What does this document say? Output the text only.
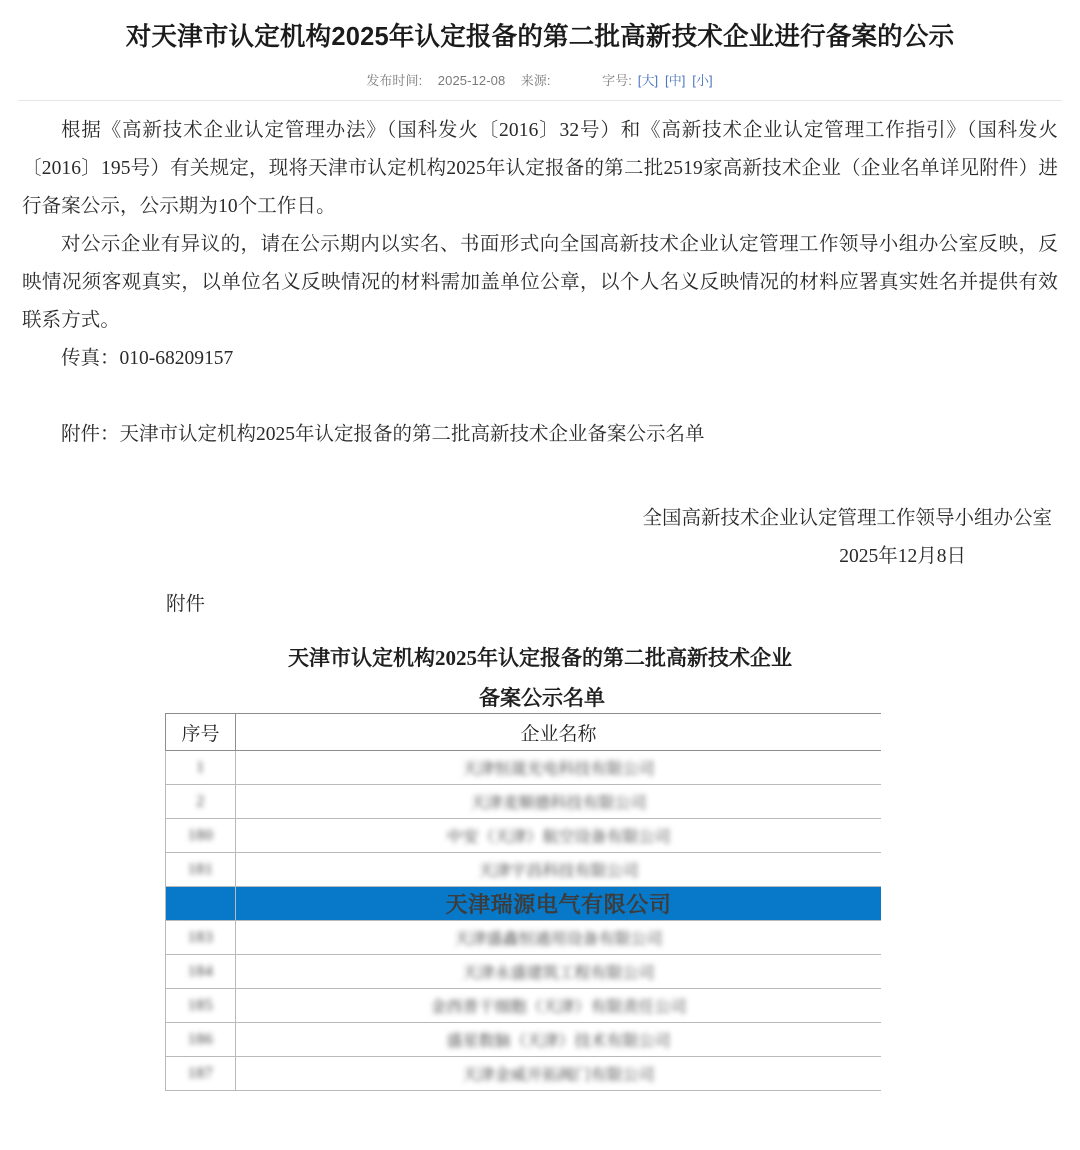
对天津市认定机构2025年认定报备的第二批高新技术企业进行备案的公示
发布时间: 2025-12-08 来源:	字号: [大] [中] [小]

根据《高新技术企业认定管理办法》（国科发火〔2016〕32号）和《高新技术企业认定管理工作指引》（国科发火〔2016〕195号）有关规定，现将天津市认定机构2025年认定报备的第二批2519家高新技术企业（企业名单详见附件）进行备案公示，公示期为10个工作日。

对公示企业有异议的，请在公示期内以实名、书面形式向全国高新技术企业认定管理工作领导小组办公室反映，反映情况须客观真实，以单位名义反映情况的材料需加盖单位公章，以个人名义反映情况的材料应署真实姓名并提供有效联系方式。

传真：010-68209157

附件：天津市认定机构2025年认定报备的第二批高新技术企业备案公示名单

全国高新技术企业认定管理工作领导小组办公室
2025年12月8日
附件
天津市认定机构2025年认定报备的第二批高新技术企业
备案公示名单
序号	企业名称
1	天津恒晟光电科技有限公司
2	天津麦顺德科技有限公司
180	中安（天津）航空设备有限公司
181	天津宇昌科技有限公司
	天津瑞源电气有限公司
183	天津盛鑫恒通用设备有限公司
184	天津永盛建筑工程有限公司
185	金西普干细胞（天津）有限责任公司
186	盛星数脑（天津）技术有限公司
187	天津金威开拓阀门有限公司
